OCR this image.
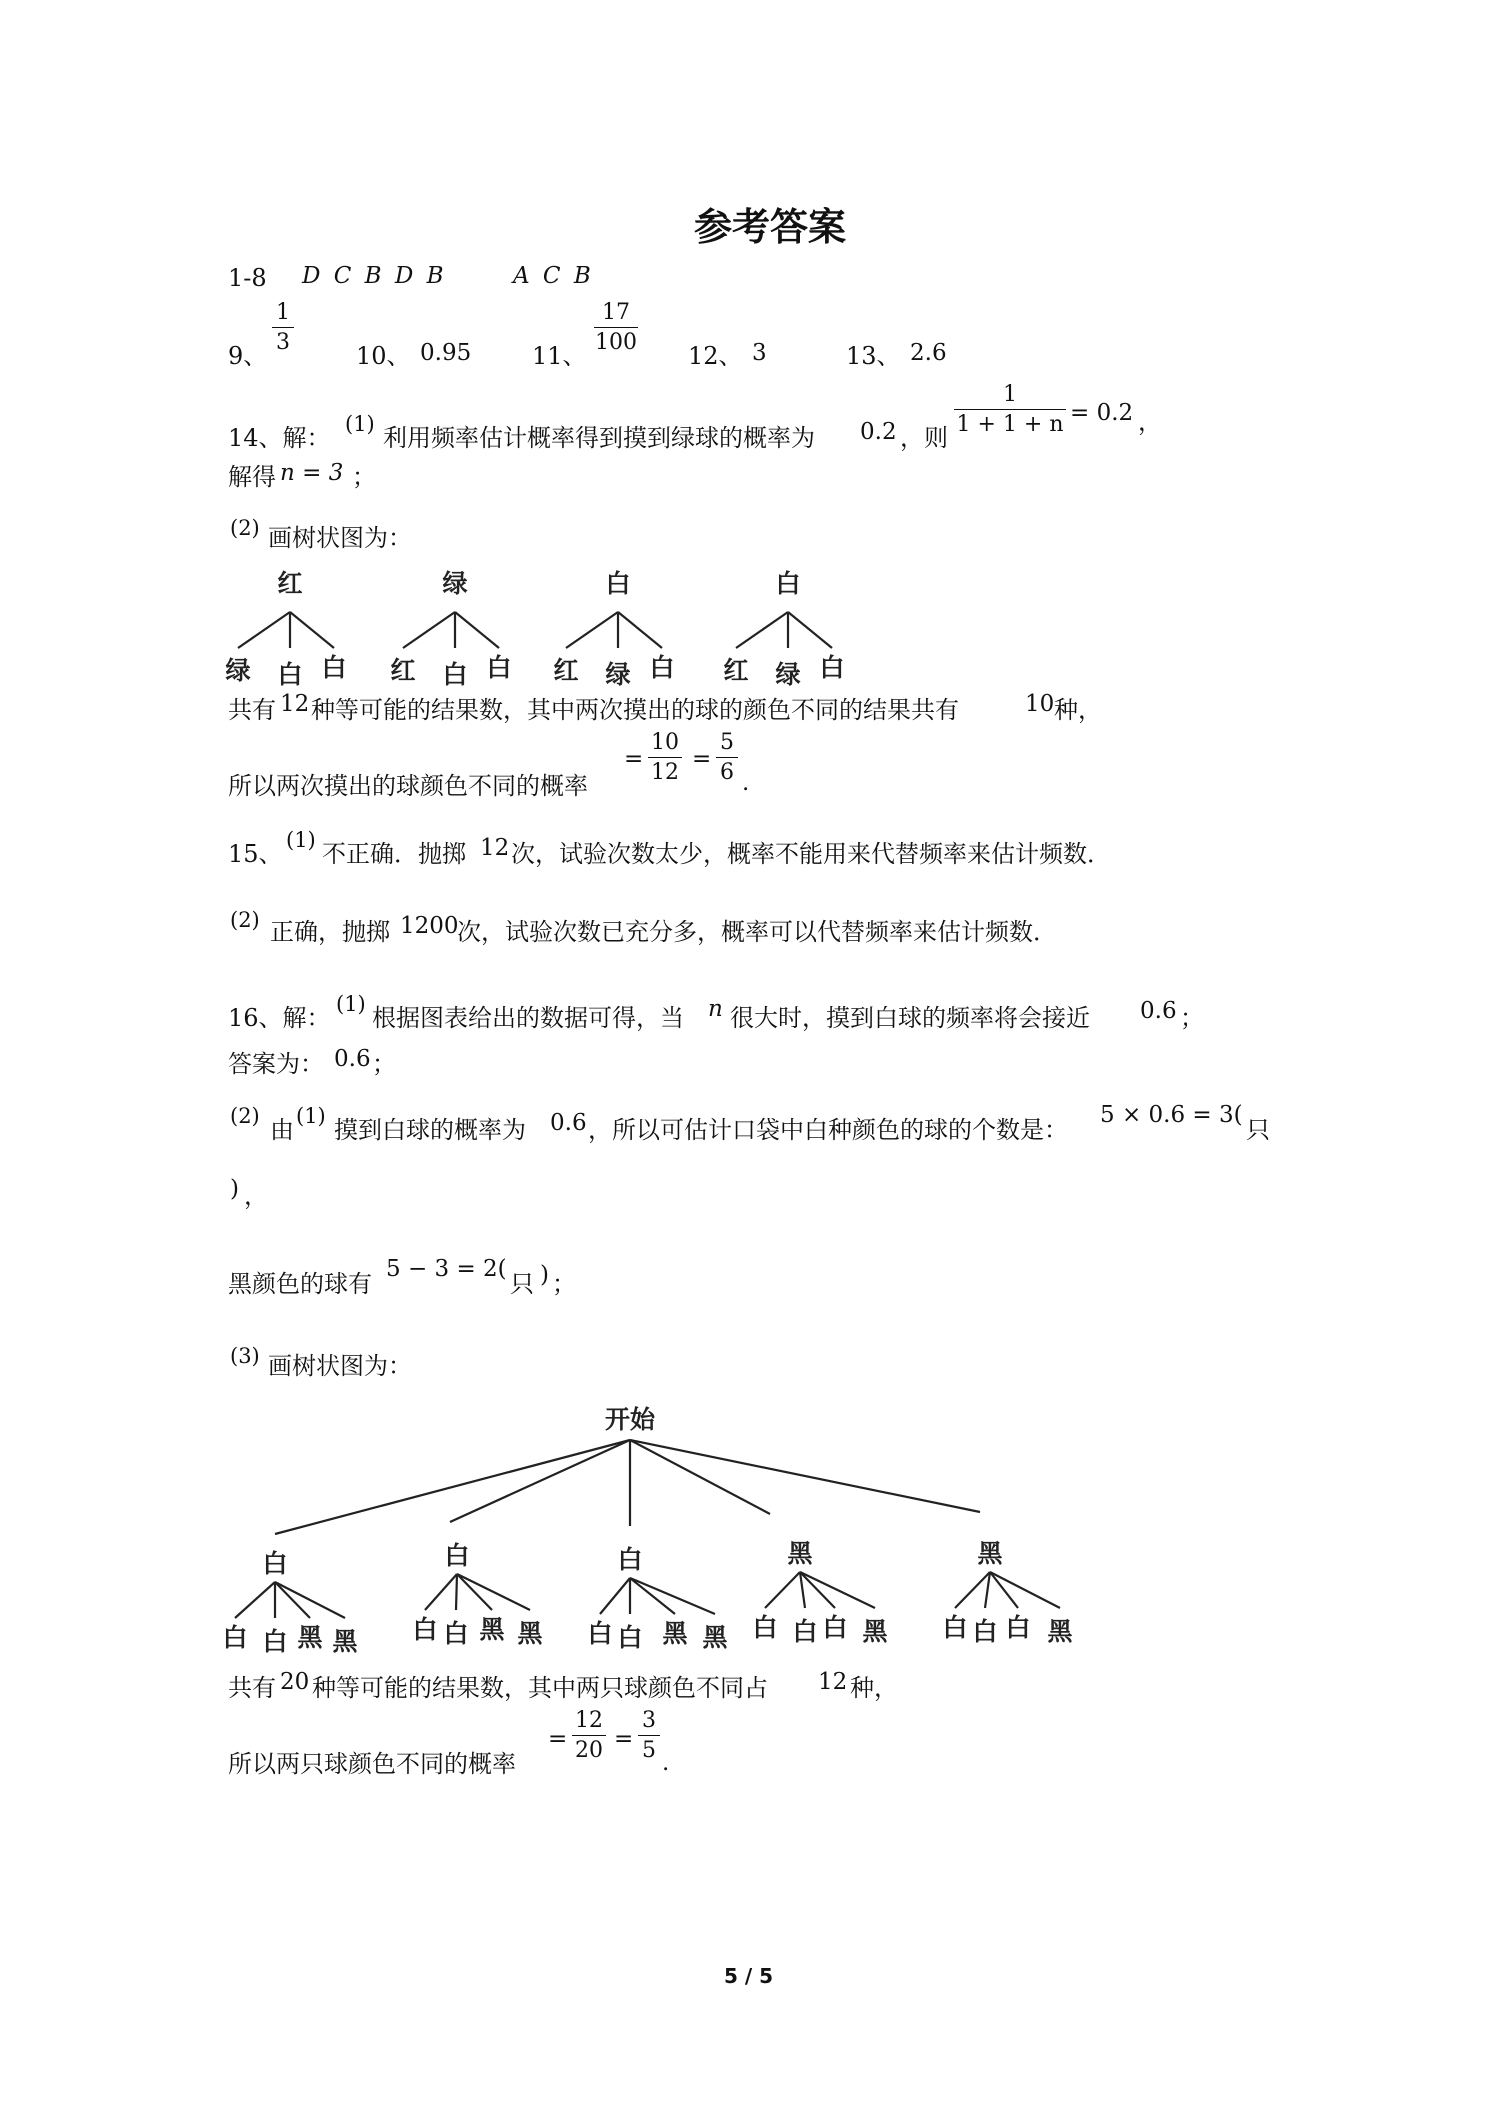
参考答案
1-8 D C B D B	A C B
9、
$\frac{1}{3}$
10、 0.95	11、
$\frac{17}{100}$
12、 3	13、 2.6
14、解： (1) 利用频率估计概率得到摸到绿球的概率为 0.2 ，则
$\frac{1}{1 + 1 + n} = 0.2$ ，
解得 n = 3 ；
(2) 画树状图为：
红
绿 白 白
绿
红 白 白
白
红 绿 白
白
红 绿 白
共有 12 种等可能的结果数，其中两次摸出的球的颜色不同的结果共有	10 种，
所以两次摸出的球颜色不同的概率
= $\frac{10}{12} = \frac{5}{6}$ .
15、 (1) 不正确．抛掷 12 次，试验次数太少，概率不能用来代替频率来估计频数．
(2) 正确，抛掷 1200
次，试验次数已充分多，概率可以代替频率来估计频数．
16、解： (1) 根据图表给出的数据可得，当 n 很大时，摸到白球的频率将会接近 0.6 ；
答案为： 0.6 ；
(2) 由 (1) 摸到白球的概率为 0.6 ，所以可估计口袋中白种颜色的球的个数是：
5 × 0.6 = 3(
只
) ，
黑颜色的球有
5 − 3 = 2(
只 ) ；
(3) 画树状图为：
开始
白
白 白 黑 黑
白
白 白 黑 黑
白
白 白 黑 黑
黑
白 白 白 黑
黑
白 白 白 黑
共有 20 种等可能的结果数，其中两只球颜色不同占 12 种，
所以两只球颜色不同的概率
= $\frac{12}{20} = \frac{3}{5}$ .
5 / 5
